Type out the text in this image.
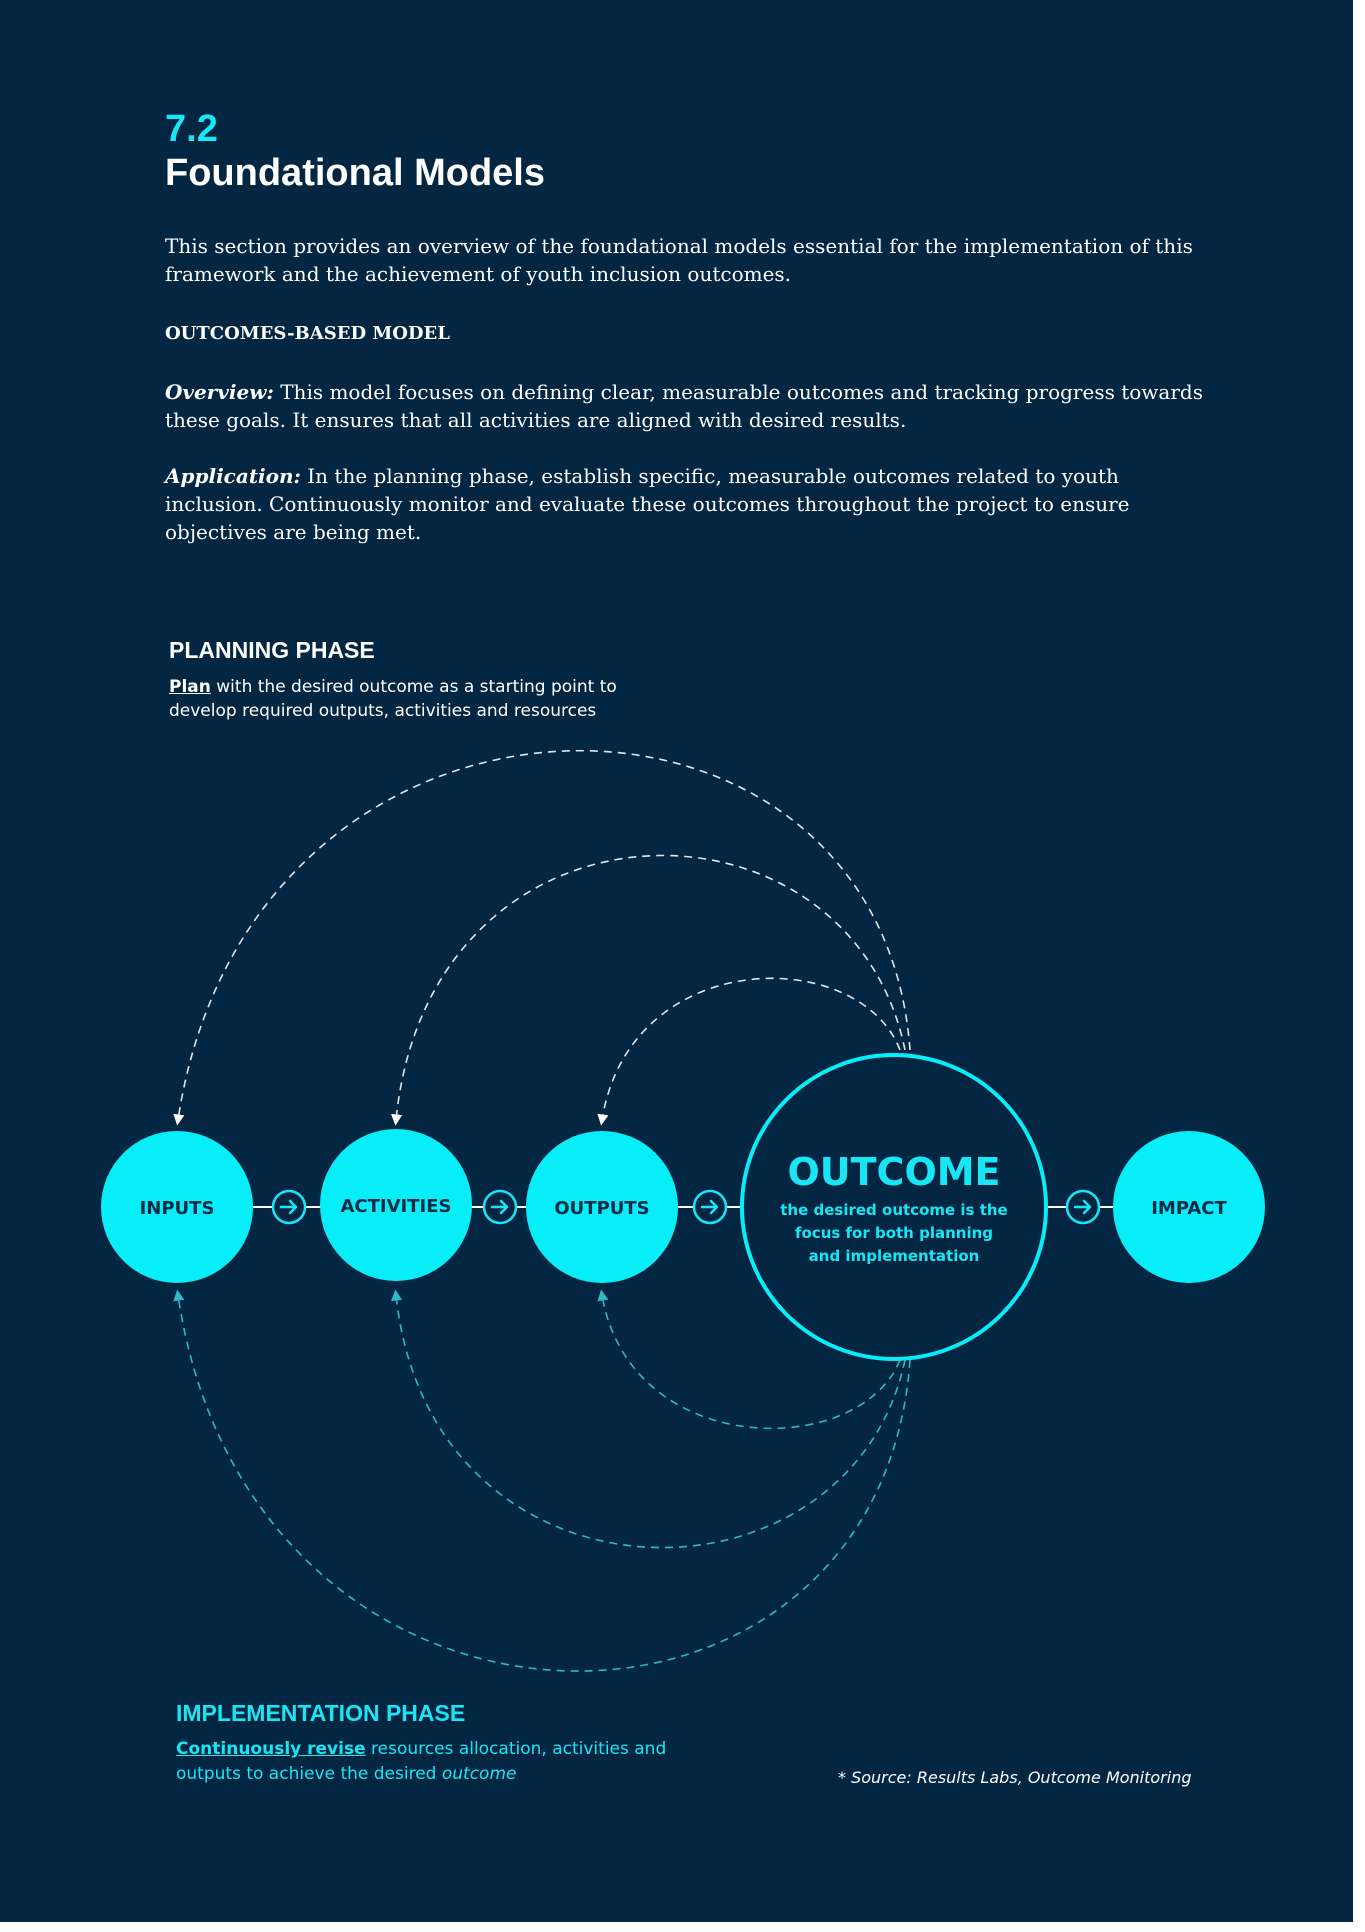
7.2
Foundational Models
This section provides an overview of the foundational models essential for the implementation of this framework and the achievement of youth inclusion outcomes.
OUTCOMES-BASED MODEL
Overview: This model focuses on defining clear, measurable outcomes and tracking progress towards these goals. It ensures that all activities are aligned with desired results.
Application: In the planning phase, establish specific, measurable outcomes related to youth inclusion. Continuously monitor and evaluate these outcomes throughout the project to ensure objectives are being met.
PLANNING PHASE
Plan with the desired outcome as a starting point to develop required outputs, activities and resources
INPUTS	ACTIVITIES	OUTPUTS
OUTCOME
the desired outcome is the
focus for both planning
and implementation
IMPACT
IMPLEMENTATION PHASE
Continuously revise resources allocation, activities and outputs to achieve the desired outcome	* Source: Results Labs, Outcome Monitoring
